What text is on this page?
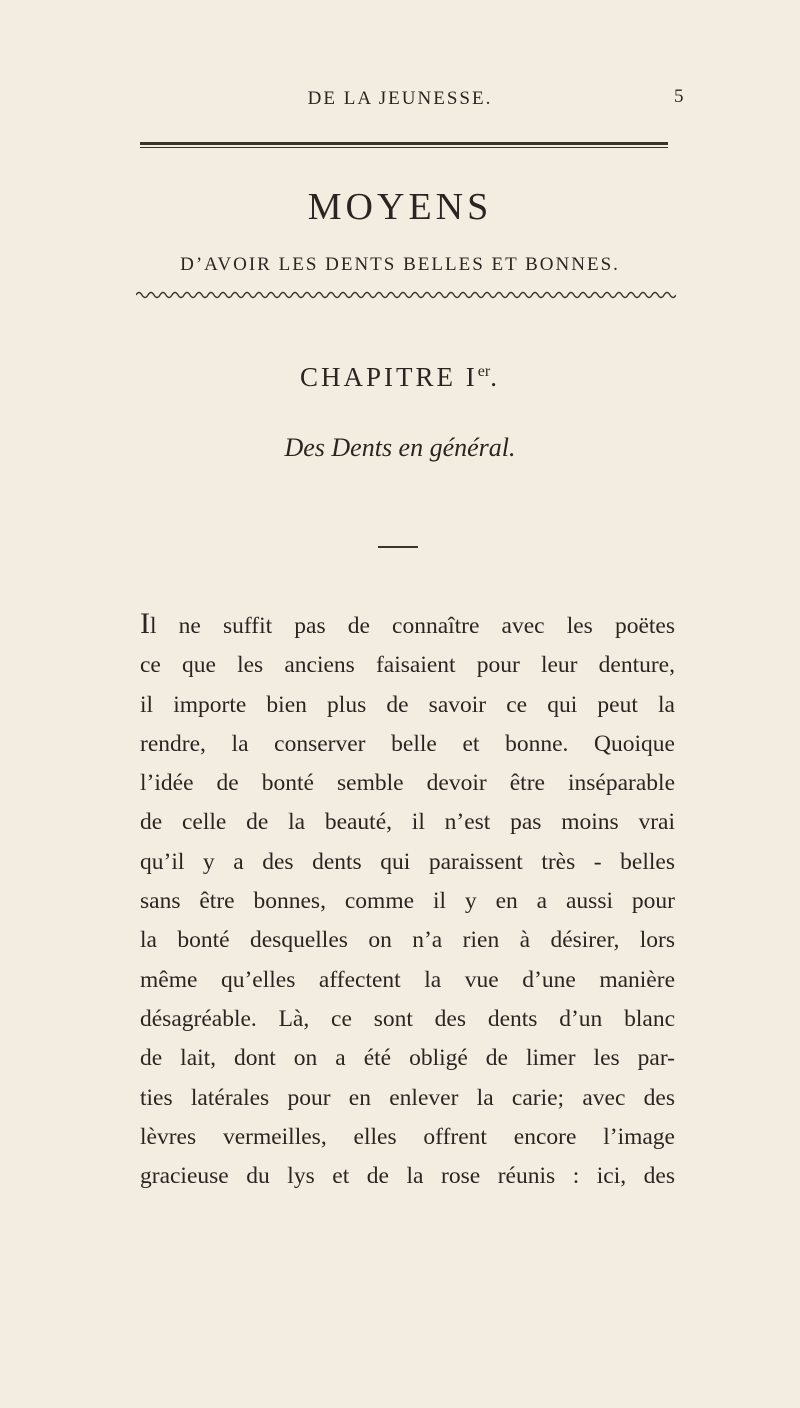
DE LA JEUNESSE.	5
MOYENS
D’AVOIR LES DENTS BELLES ET BONNES.
CHAPITRE Ier.
Des Dents en général.
Il ne suffit pas de connaître avec les poëtes
ce que les anciens faisaient pour leur denture,
il importe bien plus de savoir ce qui peut la
rendre, la conserver belle et bonne. Quoique
l’idée de bonté semble devoir être inséparable
de celle de la beauté, il n’est pas moins vrai
qu’il y a des dents qui paraissent très - belles
sans être bonnes, comme il y en a aussi pour
la bonté desquelles on n’a rien à désirer, lors
même qu’elles affectent la vue d’une manière
désagréable. Là, ce sont des dents d’un blanc
de lait, dont on a été obligé de limer les par-
ties latérales pour en enlever la carie; avec des
lèvres vermeilles, elles offrent encore l’image
gracieuse du lys et de la rose réunis : ici, des
